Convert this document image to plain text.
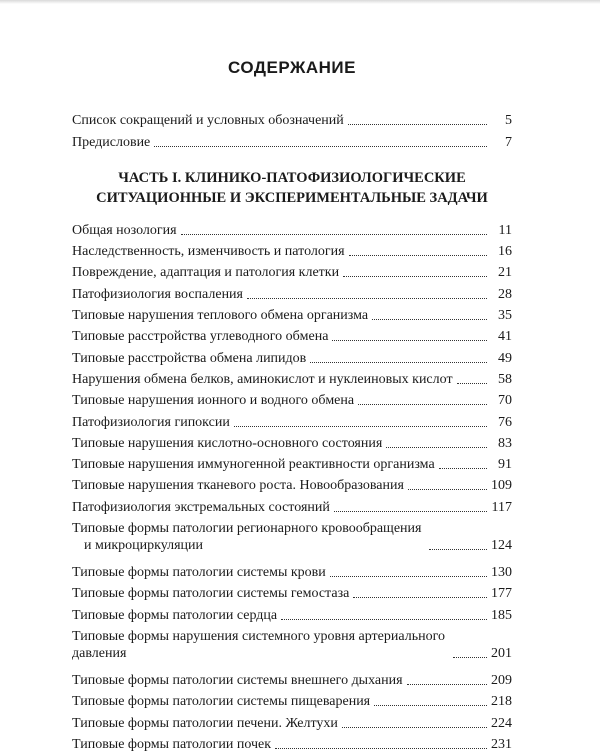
СОДЕРЖАНИЕ
Список сокращений и условных обозначений	5
Предисловие	7
ЧАСТЬ I. КЛИНИКО-ПАТОФИЗИОЛОГИЧЕСКИЕ
СИТУАЦИОННЫЕ И ЭКСПЕРИМЕНТАЛЬНЫЕ ЗАДАЧИ
Общая нозология	11
Наследственность, изменчивость и патология	16
Повреждение, адаптация и патология клетки	21
Патофизиология воспаления	28
Типовые нарушения теплового обмена организма	35
Типовые расстройства углеводного обмена	41
Типовые расстройства обмена липидов	49
Нарушения обмена белков, аминокислот и нуклеиновых кислот	58
Типовые нарушения ионного и водного обмена	70
Патофизиология гипоксии	76
Типовые нарушения кислотно-основного состояния	83
Типовые нарушения иммуногенной реактивности организма	91
Типовые нарушения тканевого роста. Новообразования	109
Патофизиология экстремальных состояний	117
Типовые формы патологии регионарного кровообращения
и микроциркуляции	124
Типовые формы патологии системы крови	130
Типовые формы патологии системы гемостаза	177
Типовые формы патологии сердца	185
Типовые формы нарушения системного уровня артериального
давления	201
Типовые формы патологии системы внешнего дыхания	209
Типовые формы патологии системы пищеварения	218
Типовые формы патологии печени. Желтухи	224
Типовые формы патологии почек	231
